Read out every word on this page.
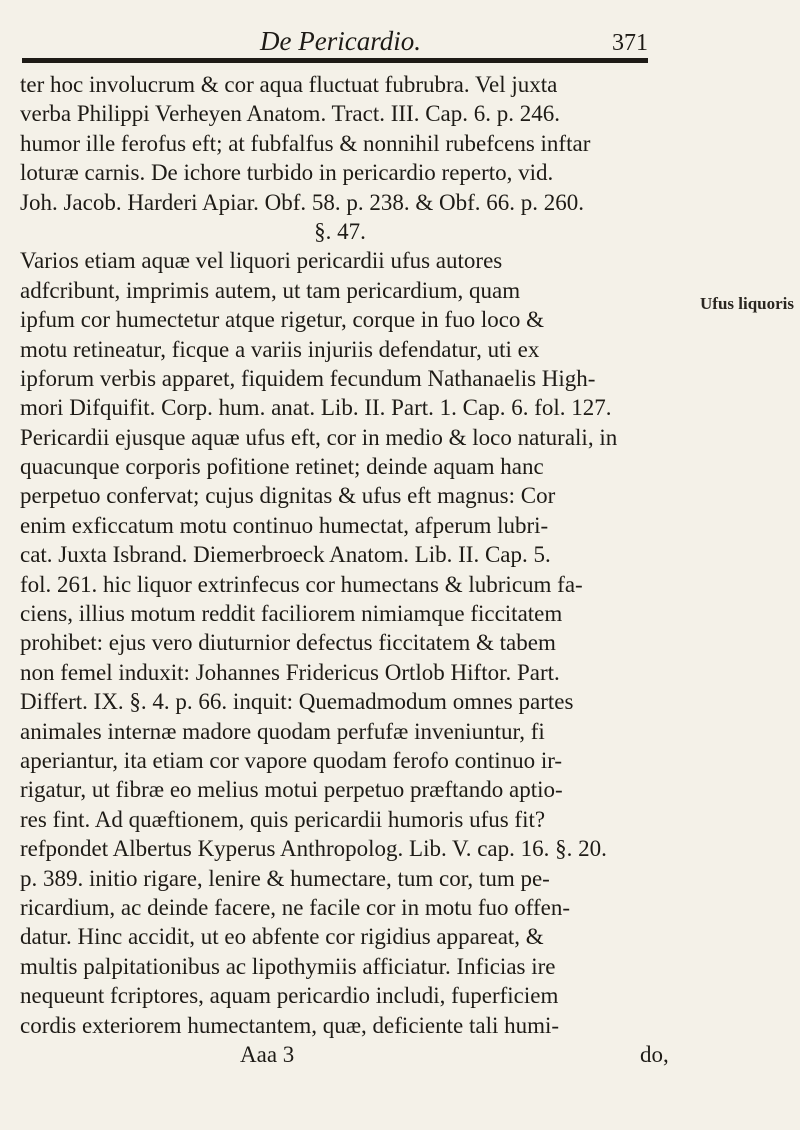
De Pericardio.	371
ter hoc involucrum & cor aqua fluctuat fubrubra. Vel juxta
verba Philippi Verheyen Anatom. Tract. III. Cap. 6. p. 246.
humor ille ferofus eft; at fubfalfus & nonnihil rubefcens inftar
loturæ carnis. De ichore turbido in pericardio reperto, vid.
Joh. Jacob. Harderi Apiar. Obf. 58. p. 238. & Obf. 66. p. 260.
§. 47.
Varios etiam aquæ vel liquori pericardii ufus autores
adfcribunt, imprimis autem, ut tam pericardium, quam
ipfum cor humectetur atque rigetur, corque in fuo loco &
motu retineatur, ficque a variis injuriis defendatur, uti ex
ipforum verbis apparet, fiquidem fecundum Nathanaelis High-
mori Difquifit. Corp. hum. anat. Lib. II. Part. 1. Cap. 6. fol. 127.
Pericardii ejusque aquæ ufus eft, cor in medio & loco naturali, in
quacunque corporis pofitione retinet; deinde aquam hanc
perpetuo confervat; cujus dignitas & ufus eft magnus: Cor
enim exficcatum motu continuo humectat, afperum lubri-
cat. Juxta Isbrand. Diemerbroeck Anatom. Lib. II. Cap. 5.
fol. 261. hic liquor extrinfecus cor humectans & lubricum fa-
ciens, illius motum reddit faciliorem nimiamque ficcitatem
prohibet: ejus vero diuturnior defectus ficcitatem & tabem
non femel induxit: Johannes Fridericus Ortlob Hiftor. Part.
Differt. IX. §. 4. p. 66. inquit: Quemadmodum omnes partes
animales internæ madore quodam perfufæ inveniuntur, fi
aperiantur, ita etiam cor vapore quodam ferofo continuo ir-
rigatur, ut fibræ eo melius motui perpetuo præftando aptio-
res fint. Ad quæftionem, quis pericardii humoris ufus fit?
refpondet Albertus Kyperus Anthropolog. Lib. V. cap. 16. §. 20.
p. 389. initio rigare, lenire & humectare, tum cor, tum pe-
ricardium, ac deinde facere, ne facile cor in motu fuo offen-
datur. Hinc accidit, ut eo abfente cor rigidius appareat, &
multis palpitationibus ac lipothymiis afficiatur. Inficias ire
nequeunt fcriptores, aquam pericardio includi, fuperficiem
cordis exteriorem humectantem, quæ, deficiente tali humi-
Aaa 3	do,
Ufus liquoris
